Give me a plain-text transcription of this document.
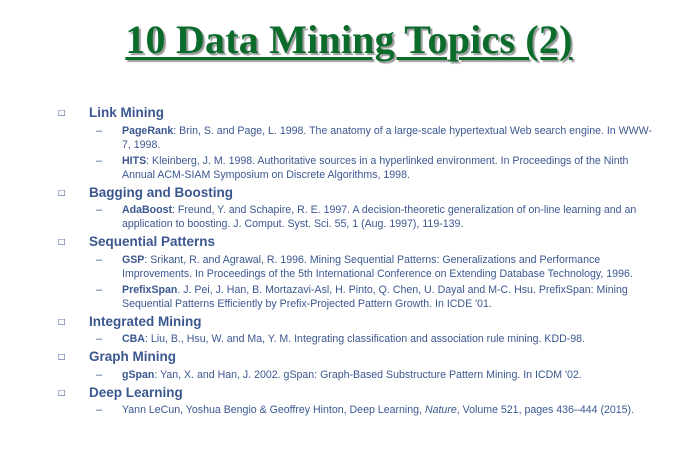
10 Data Mining Topics (2)
□	Link Mining
–	PageRank: Brin, S. and Page, L. 1998. The anatomy of a large-scale hypertextual Web search engine. In WWW-7, 1998.
–	HITS: Kleinberg, J. M. 1998. Authoritative sources in a hyperlinked environment. In Proceedings of the Ninth Annual ACM-SIAM Symposium on Discrete Algorithms, 1998.
□	Bagging and Boosting
–	AdaBoost: Freund, Y. and Schapire, R. E. 1997. A decision-theoretic generalization of on-line learning and an application to boosting. J. Comput. Syst. Sci. 55, 1 (Aug. 1997), 119-139.
□	Sequential Patterns
–	GSP: Srikant, R. and Agrawal, R. 1996. Mining Sequential Patterns: Generalizations and Performance Improvements. In Proceedings of the 5th International Conference on Extending Database Technology, 1996.
–	PrefixSpan. J. Pei, J. Han, B. Mortazavi-Asl, H. Pinto, Q. Chen, U. Dayal and M-C. Hsu. PrefixSpan: Mining Sequential Patterns Efficiently by Prefix-Projected Pattern Growth. In ICDE '01.
□	Integrated Mining
–	CBA: Liu, B., Hsu, W. and Ma, Y. M. Integrating classification and association rule mining. KDD-98.
□	Graph Mining
–	gSpan: Yan, X. and Han, J. 2002. gSpan: Graph-Based Substructure Pattern Mining. In ICDM '02.
□	Deep Learning
–	Yann LeCun, Yoshua Bengio & Geoffrey Hinton, Deep Learning, Nature, Volume 521, pages 436–444 (2015).
